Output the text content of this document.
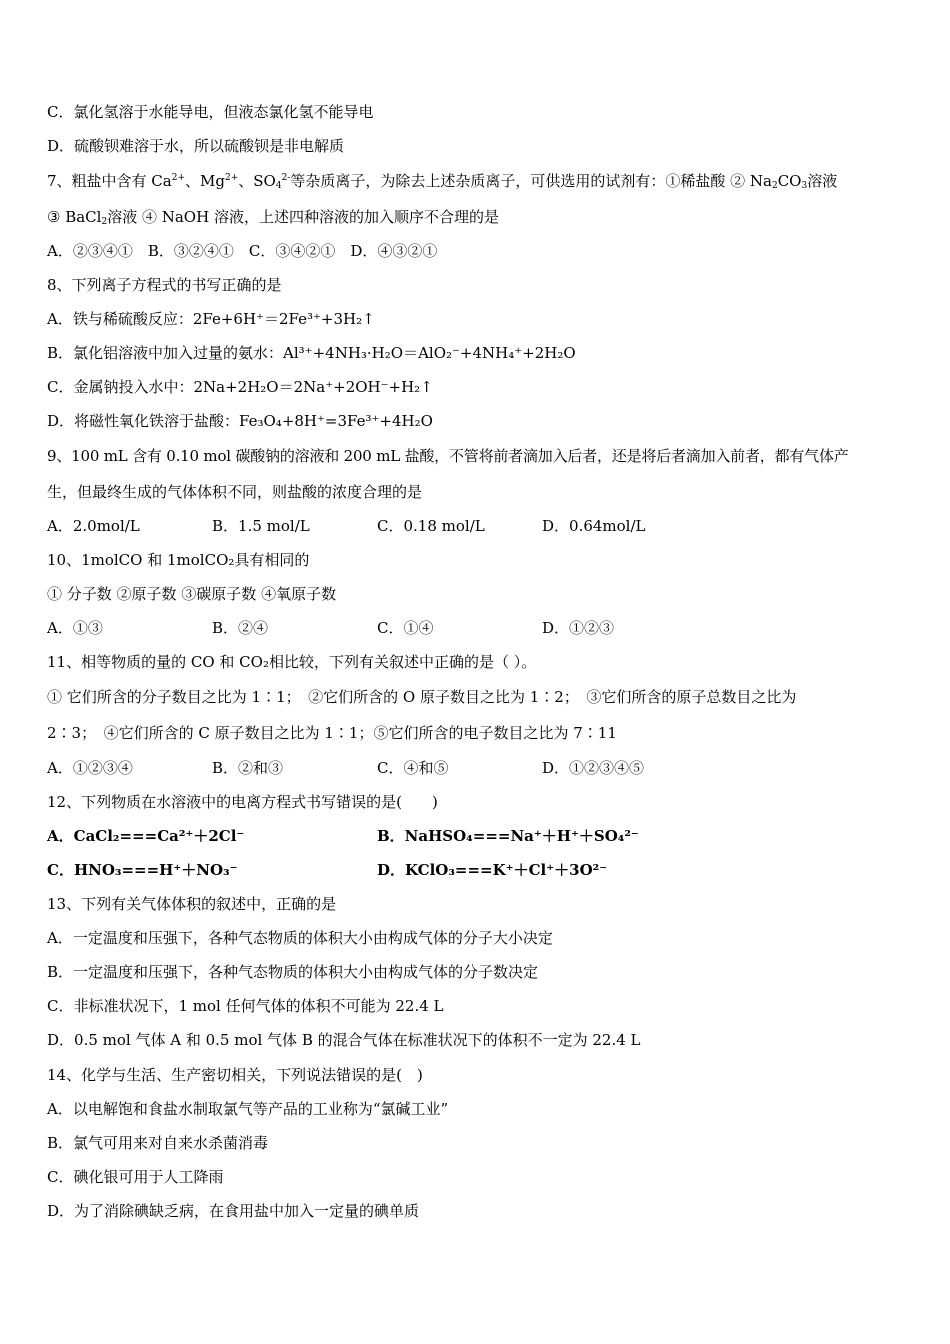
C．氯化氢溶于水能导电，但液态氯化氢不能导电
D．硫酸钡难溶于水，所以硫酸钡是非电解质
7、粗盐中含有 $Ca^{2+}$、$Mg^{2+}$、$SO_4^{2-}$等杂质离子，为除去上述杂质离子，可供选用的试剂有：①稀盐酸 ② $Na_2CO_3$溶液
③ BaCl$_2$溶液 ④ NaOH 溶液，上述四种溶液的加入顺序不合理的是
A．②③④①　B．③②④①　C．③④②①　D．④③②①
8、下列离子方程式的书写正确的是
A．铁与稀硫酸反应：2Fe+6H⁺＝2Fe³⁺+3H₂↑
B．氯化铝溶液中加入过量的氨水：Al³⁺+4NH₃·H₂O＝AlO₂⁻+4NH₄⁺+2H₂O
C．金属钠投入水中：2Na+2H₂O＝2Na⁺+2OH⁻+H₂↑
D．将磁性氧化铁溶于盐酸：Fe₃O₄+8H⁺=3Fe³⁺+4H₂O
9、100 mL 含有 0.10 mol 碳酸钠的溶液和 200 mL 盐酸，不管将前者滴加入后者，还是将后者滴加入前者，都有气体产
生，但最终生成的气体体积不同，则盐酸的浓度合理的是
A．2.0mol/L	B．1.5 mol/L	C．0.18 mol/L	D．0.64mol/L
10、1molCO 和 1molCO₂具有相同的
① 分子数 ②原子数 ③碳原子数 ④氧原子数
A．①③	B．②④	C．①④	D．①②③
11、相等物质的量的 CO 和 CO₂相比较，下列有关叙述中正确的是（ ）。
① 它们所含的分子数目之比为 1∶1；　②它们所含的 O 原子数目之比为 1∶2；　③它们所含的原子总数目之比为
2∶3；　④它们所含的 C 原子数目之比为 1∶1；⑤它们所含的电子数目之比为 7∶11
A．①②③④	B．②和③	C．④和⑤	D．①②③④⑤
12、下列物质在水溶液中的电离方程式书写错误的是(　　)
A．CaCl₂===Ca²⁺＋2Cl⁻	B．NaHSO₄===Na⁺＋H⁺＋SO₄²⁻
C．HNO₃===H⁺＋NO₃⁻	D．KClO₃===K⁺＋Cl⁺＋3O²⁻
13、下列有关气体体积的叙述中，正确的是
A．一定温度和压强下，各种气态物质的体积大小由构成气体的分子大小决定
B．一定温度和压强下，各种气态物质的体积大小由构成气体的分子数决定
C．非标准状况下，1 mol 任何气体的体积不可能为 22.4 L
D．0.5 mol 气体 A 和 0.5 mol 气体 B 的混合气体在标准状况下的体积不一定为 22.4 L
14、化学与生活、生产密切相关，下列说法错误的是(　)
A．以电解饱和食盐水制取氯气等产品的工业称为“氯碱工业”
B．氯气可用来对自来水杀菌消毒
C．碘化银可用于人工降雨
D．为了消除碘缺乏病，在食用盐中加入一定量的碘单质
